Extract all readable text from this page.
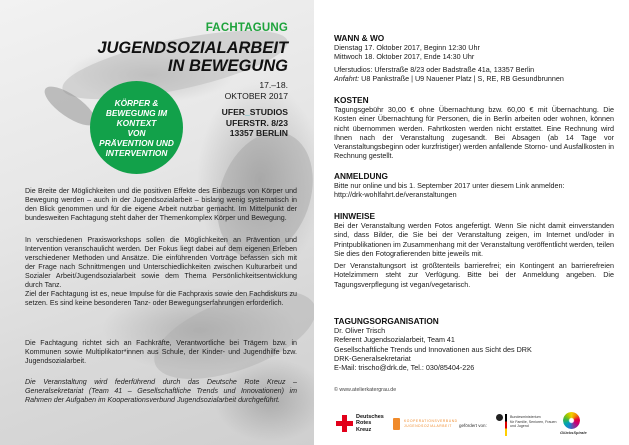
FACHTAGUNG
JUGENDSOZIALARBEIT
IN BEWEGUNG
17.–18.
OKTOBER 2017
UFER_STUDIOS
UFERSTR. 8/23
13357 BERLIN
KÖRPER &
BEWEGUNG IM
KONTEXT
VON
PRÄVENTION UND
INTERVENTION
Die Breite der Möglichkeiten und die positiven Effekte des Einbezugs von Körper und Bewegung werden – auch in der Jugendsozialarbeit – bislang wenig systematisch in den Blick genommen und für die eigene Arbeit nutzbar gemacht. Im Mittelpunkt der bundesweiten Fachtagung steht daher der Themenkomplex Körper und Bewegung.
In verschiedenen Praxisworkshops sollen die Möglichkeiten an Prävention und Intervention veranschaulicht werden. Der Fokus liegt dabei auf dem eigenen Erleben verschiedener Methoden und Ansätze. Die einführenden Vorträge befassen sich mit der Frage nach Schnittmengen und Unterschiedlichkeiten zwischen Kulturarbeit und Sozialer Arbeit/Jugendsozialarbeit sowie dem Thema Persönlichkeitsentwicklung durch Tanz.
Ziel der Fachtagung ist es, neue Impulse für die Fachpraxis sowie den Fachdiskurs zu setzen. Es sind keine besonderen Tanz- oder Bewegungserfahrungen erforderlich.
Die Fachtagung richtet sich an Fachkräfte, Verantwortliche bei Trägern bzw. in Kommunen sowie Multiplikator*innen aus Schule, der Kinder- und Jugendhilfe bzw. Jugendsozialarbeit.
Die Veranstaltung wird federführend durch das Deutsche Rote Kreuz – Generalsekretariat (Team 41 – Gesellschaftliche Trends und Innovationen) im Rahmen der Aufgaben im Kooperationsverbund Jugendsozialarbeit durchgeführt.
WANN & WO
Dienstag 17. Oktober 2017, Beginn 12:30 Uhr
Mittwoch 18. Oktober 2017, Ende 14:30 Uhr
Uferstudios: Uferstraße 8/23 oder Badstraße 41a, 13357 Berlin
Anfahrt: U8 Pankstraße | U9 Nauener Platz | S, RE, RB Gesundbrunnen
KOSTEN
Tagungsgebühr 30,00 € ohne Übernachtung bzw. 60,00 € mit Übernachtung. Die Kosten einer Übernachtung für Personen, die in Berlin arbeiten oder wohnen, können nicht übernommen werden. Fahrtkosten werden nicht erstattet. Eine Rechnung wird Ihnen nach der Veranstaltung zugesandt. Bei Absagen (ab 14 Tage vor Veranstaltungsbeginn oder kurzfristiger) werden anfallende Storno- und Ausfallkosten in Rechnung gestellt.
ANMELDUNG
Bitte nur online und bis 1. September 2017 unter diesem Link anmelden:
http://drk-wohlfahrt.de/veranstaltungen
HINWEISE
Bei der Veranstaltung werden Fotos angefertigt. Wenn Sie nicht damit einverstanden sind, dass Bilder, die Sie bei der Veranstaltung zeigen, im Internet und/oder in Printpublikationen im Zusammenhang mit der Veranstaltung veröffentlicht werden, teilen Sie dies den Fotografierenden bitte jeweils mit.
Der Veranstaltungsort ist größtenteils barrierefrei; ein Kontingent an barrierefreien Hotelzimmern steht zur Verfügung. Bitte bei der Anmeldung angeben. Die Tagungsverpflegung ist vegan/vegetarisch.
TAGUNGSORGANISATION
Dr. Oliver Trisch
Referent Jugendsozialarbeit, Team 41
Gesellschaftliche Trends und Innovationen aus Sicht des DRK
DRK-Generalsekretariat
E-Mail: trischo@drk.de, Tel.: 030/85404-226
© www.atelierkatergrau.de
Deutsches
Rotes
Kreuz
KOOPERATIONSVERBUND
JUGENDSOZIALARBEIT	gefördert von:
Bundesministerium
für Familie, Senioren, Frauen
und Jugend
GlücksSpirale
